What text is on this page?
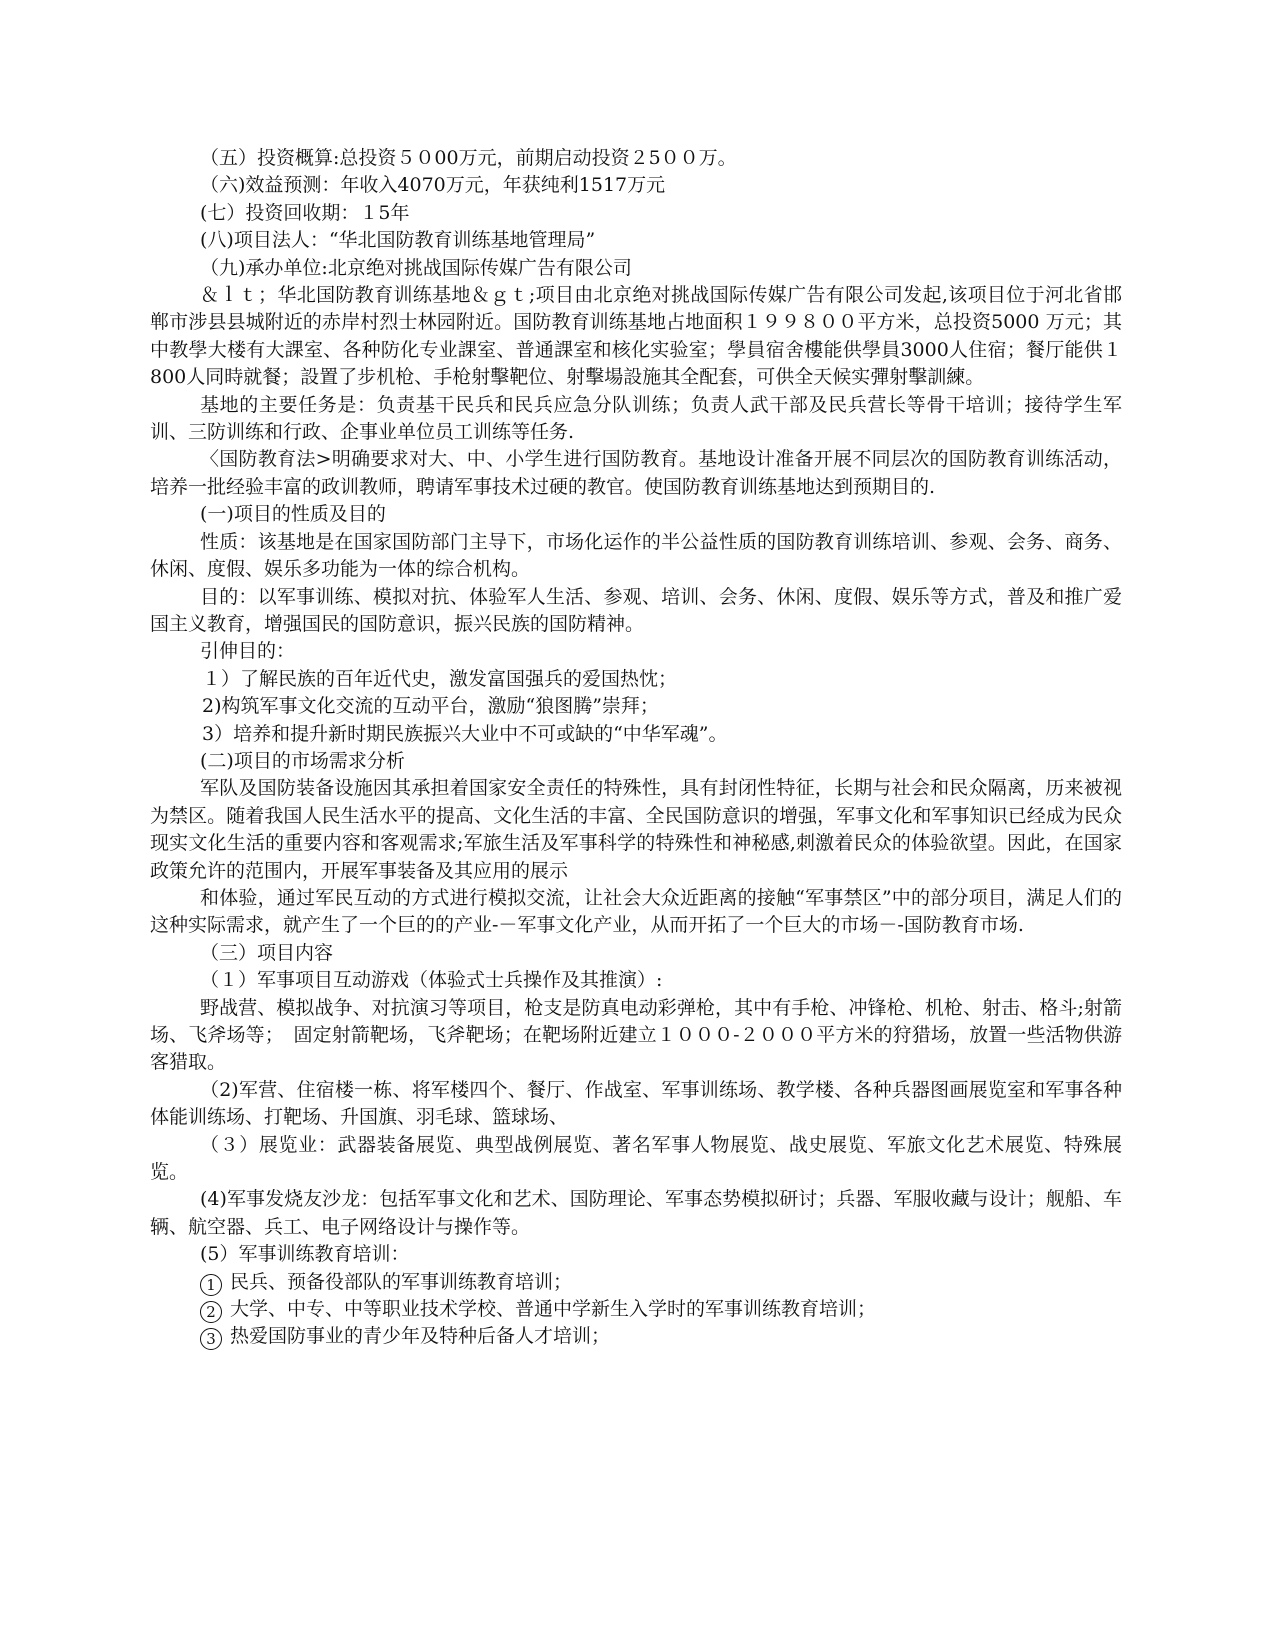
（五）投资概算:总投资５０00万元，前期启动投资２5００万。

（六)效益预测：年收入4070万元，年获纯利1517万元

(七）投资回收期：１5年

(八)项目法人：“华北国防教育训练基地管理局”

（九)承办单位:北京绝对挑战国际传媒广告有限公司

＆ｌｔ；华北国防教育训练基地＆ｇｔ;项目由北京绝对挑战国际传媒广告有限公司发起,该项目位于河北省邯郸市涉县县城附近的赤岸村烈士林园附近。国防教育训练基地占地面积１９９８００平方米，总投资5000 万元；其中教學大楼有大課室、各种防化专业課室、普通課室和核化实验室；學員宿舍樓能供學員3000人住宿；餐厅能供１800人同時就餐；設置了步机枪、手枪射擊靶位、射擊場設施其全配套，可供全天候实彈射擊訓練。

基地的主要任务是：负责基干民兵和民兵应急分队训练；负责人武干部及民兵营长等骨干培训；接待学生军训、三防训练和行政、企事业单位员工训练等任务.

〈国防教育法>明确要求对大、中、小学生进行国防教育。基地设计准备开展不同层次的国防教育训练活动，培养一批经验丰富的政训教师，聘请军事技术过硬的教官。使国防教育训练基地达到预期目的.

(一)项目的性质及目的

性质：该基地是在国家国防部门主导下，市场化运作的半公益性质的国防教育训练培训、参观、会务、商务、休闲、度假、娱乐多功能为一体的综合机构。

目的：以军事训练、模拟对抗、体验军人生活、参观、培训、会务、休闲、度假、娱乐等方式，普及和推广爱国主义教育，增强国民的国防意识，振兴民族的国防精神。

引伸目的：

１）了解民族的百年近代史，激发富国强兵的爱国热忱；

2)构筑军事文化交流的互动平台，激励“狼图腾”崇拜；

3）培养和提升新时期民族振兴大业中不可或缺的“中华军魂”。

(二)项目的市场需求分析

军队及国防装备设施因其承担着国家安全责任的特殊性，具有封闭性特征，长期与社会和民众隔离，历来被视为禁区。随着我国人民生活水平的提高、文化生活的丰富、全民国防意识的增强，军事文化和军事知识已经成为民众现实文化生活的重要内容和客观需求;军旅生活及军事科学的特殊性和神秘感,刺激着民众的体验欲望。因此，在国家政策允许的范围内，开展军事装备及其应用的展示

和体验，通过军民互动的方式进行模拟交流，让社会大众近距离的接触“军事禁区”中的部分项目，满足人们的这种实际需求，就产生了一个巨的的产业-－军事文化产业，从而开拓了一个巨大的市场－-国防教育市场.

（三）项目内容

（１）军事项目互动游戏（体验式士兵操作及其推演）:

野战营、模拟战争、对抗演习等项目，枪支是防真电动彩弹枪，其中有手枪、冲锋枪、机枪、射击、格斗;射箭场、飞斧场等；　固定射箭靶场，飞斧靶场；在靶场附近建立１０００-２０００平方米的狩猎场，放置一些活物供游客猎取。

（2)军营、住宿楼一栋、将军楼四个、餐厅、作战室、军事训练场、教学楼、各种兵器图画展览室和军事各种体能训练场、打靶场、升国旗、羽毛球、篮球场、

（３）展览业：武器装备展览、典型战例展览、著名军事人物展览、战史展览、军旅文化艺术展览、特殊展览。

(4)军事发烧友沙龙：包括军事文化和艺术、国防理论、军事态势模拟研讨；兵器、军服收藏与设计；舰船、车辆、航空器、兵工、电子网络设计与操作等。

(5）军事训练教育培训：

1 民兵、预备役部队的军事训练教育培训；

2 大学、中专、中等职业技术学校、普通中学新生入学时的军事训练教育培训；

3 热爱国防事业的青少年及特种后备人才培训；
